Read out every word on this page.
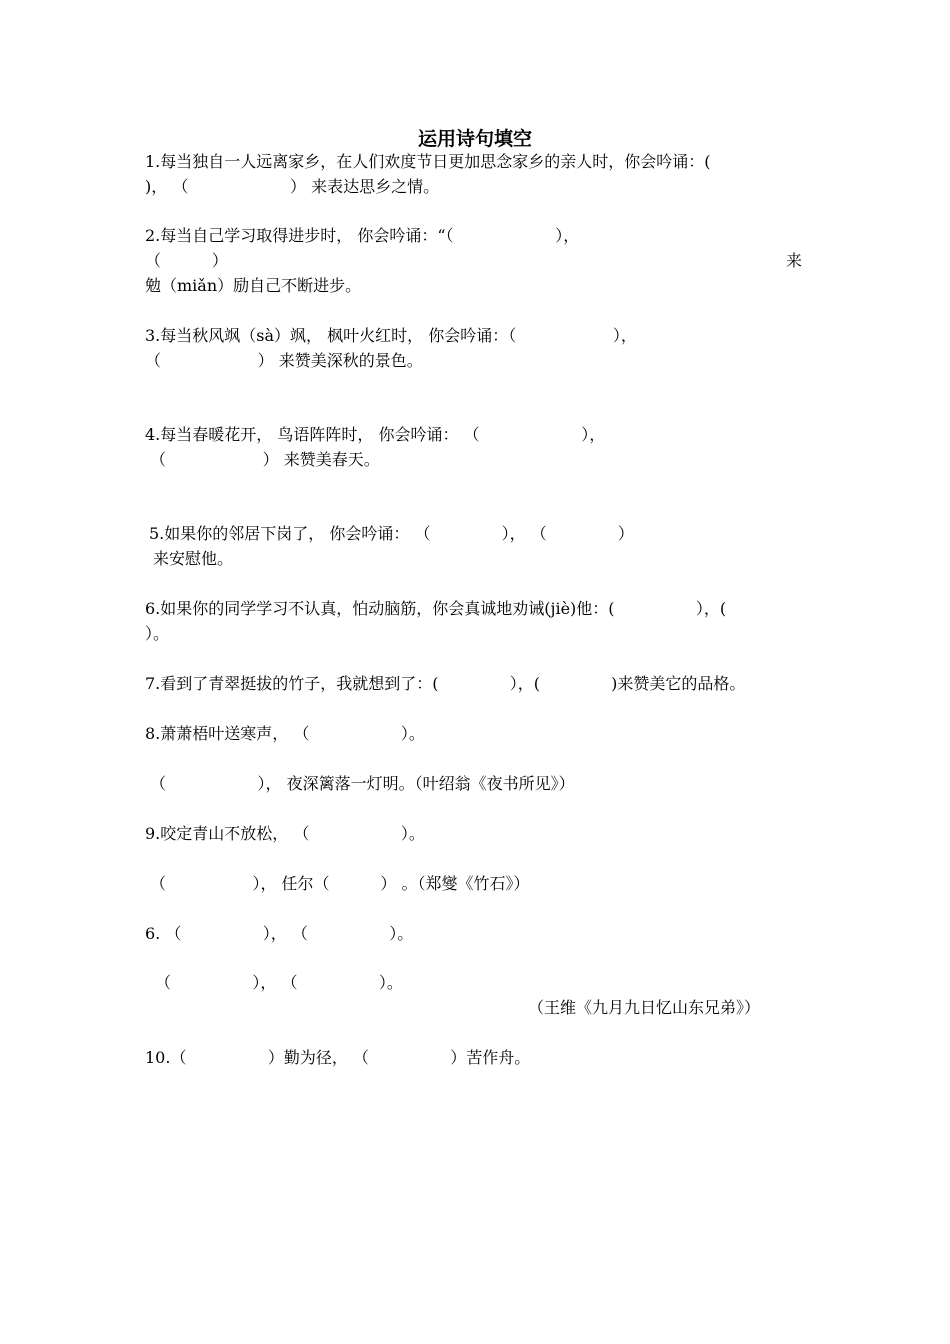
运用诗句填空
1.每当独自一人远离家乡，在人们欢度节日更加思念家乡的亲人时，你会吟诵：(
)， （                    ） 来表达思乡之情。
2.每当自己学习取得进步时， 你会吟诵：“（                    ），
（          ）	来
勉（miǎn）励自己不断进步。
3.每当秋风飒（sà）飒， 枫叶火红时， 你会吟诵：（                   ），
（                   ） 来赞美深秋的景色。
4.每当春暖花开， 鸟语阵阵时， 你会吟诵： （                    ），
（                   ） 来赞美春天。
5.如果你的邻居下岗了， 你会吟诵： （              ）， （              ）
来安慰他。
6.如果你的同学学习不认真，怕动脑筋，你会真诚地劝诫(jiè)他：(                ），(
）。
7.看到了青翠挺拔的竹子，我就想到了：(              ），(              )来赞美它的品格。
8.萧萧梧叶送寒声， （                  ）。
（                  ）， 夜深篱落一灯明。（叶绍翁《夜书所见》）
9.咬定青山不放松， （                  ）。
（                 ）， 任尔（          ） 。（郑燮《竹石》）
6. （                ）， （                ）。
（                ）， （                ）。
（王维《九月九日忆山东兄弟》）
10.（                ）勤为径， （                ）苦作舟。
